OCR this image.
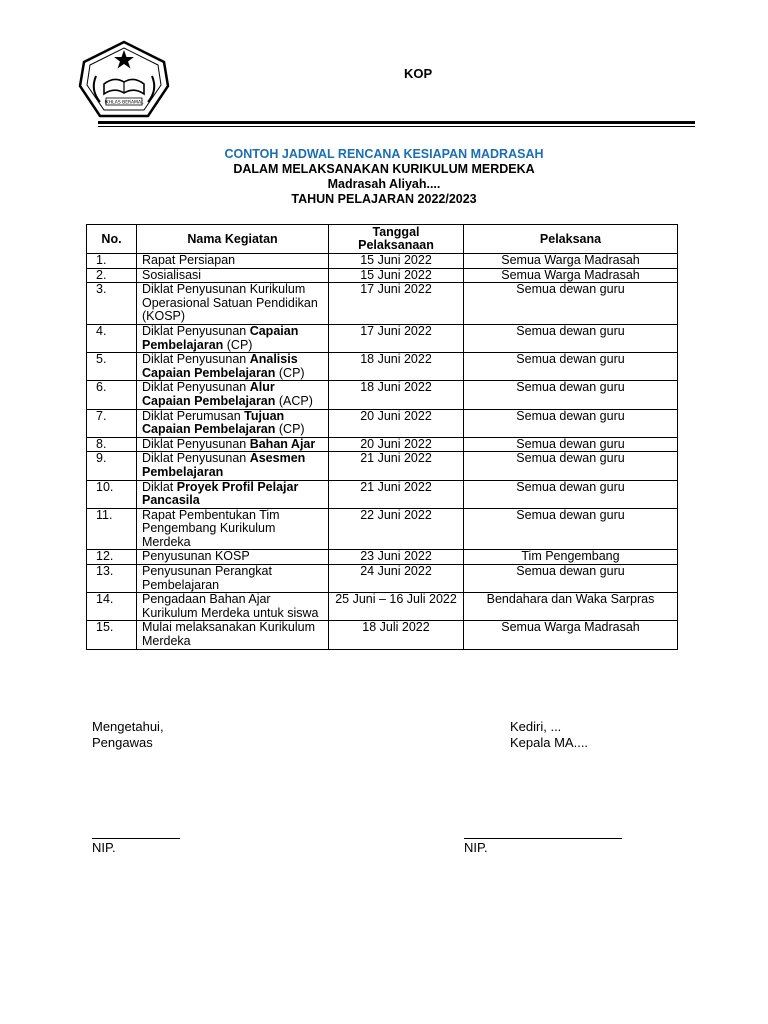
IKHLAS BERAMAL
KOP
CONTOH JADWAL RENCANA KESIAPAN MADRASAH
DALAM MELAKSANAKAN KURIKULUM MERDEKA
Madrasah Aliyah....
TAHUN PELAJARAN 2022/2023
No.	Nama Kegiatan	Tanggal Pelaksanaan	Pelaksana
1.	Rapat Persiapan	15 Juni 2022	Semua Warga Madrasah
2.	Sosialisasi	15 Juni 2022	Semua Warga Madrasah
3.	Diklat Penyusunan Kurikulum Operasional Satuan Pendidikan (KOSP)	17 Juni 2022	Semua dewan guru
4.	Diklat Penyusunan Capaian Pembelajaran (CP)	17 Juni 2022	Semua dewan guru
5.	Diklat Penyusunan Analisis Capaian Pembelajaran (CP)	18 Juni 2022	Semua dewan guru
6.	Diklat Penyusunan Alur Capaian Pembelajaran (ACP)	18 Juni 2022	Semua dewan guru
7.	Diklat Perumusan Tujuan Capaian Pembelajaran (CP)	20 Juni 2022	Semua dewan guru
8.	Diklat Penyusunan Bahan Ajar	20 Juni 2022	Semua dewan guru
9.	Diklat Penyusunan Asesmen Pembelajaran	21 Juni 2022	Semua dewan guru
10.	Diklat Proyek Profil Pelajar Pancasila	21 Juni 2022	Semua dewan guru
11.	Rapat Pembentukan Tim Pengembang Kurikulum Merdeka	22 Juni 2022	Semua dewan guru
12.	Penyusunan KOSP	23 Juni 2022	Tim Pengembang
13.	Penyusunan Perangkat Pembelajaran	24 Juni 2022	Semua dewan guru
14.	Pengadaan Bahan Ajar Kurikulum Merdeka untuk siswa	25 Juni – 16 Juli 2022	Bendahara dan Waka Sarpras
15.	Mulai melaksanakan Kurikulum Merdeka	18 Juli 2022	Semua Warga Madrasah
Mengetahui,
Pengawas
Kediri, ...
Kepala MA....
NIP.	NIP.
